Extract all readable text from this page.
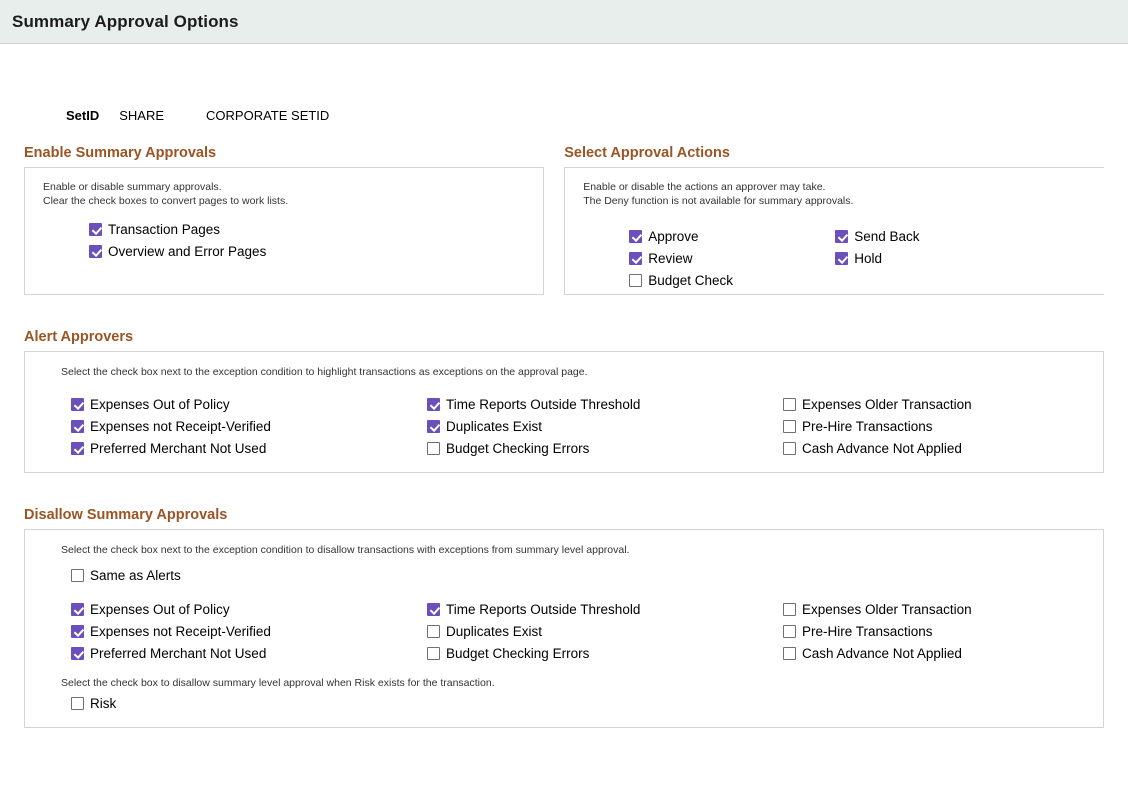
Summary Approval Options
SetID SHARE	CORPORATE SETID
Enable Summary Approvals

Enable or disable summary approvals.

Clear the check boxes to convert pages to work lists.

Transaction Pages
Overview and Error Pages
Select Approval Actions

Enable or disable the actions an approver may take.

The Deny function is not available for summary approvals.

Approve
Review
Budget Check
Send Back
Hold
Alert Approvers

Select the check box next to the exception condition to highlight transactions as exceptions on the approval page.

Expenses Out of Policy
Expenses not Receipt-Verified
Preferred Merchant Not Used
Time Reports Outside Threshold
Duplicates Exist
Budget Checking Errors
Expenses Older Transaction
Pre-Hire Transactions
Cash Advance Not Applied
Disallow Summary Approvals

Select the check box next to the exception condition to disallow transactions with exceptions from summary level approval.

Same as Alerts
Expenses Out of Policy
Expenses not Receipt-Verified
Preferred Merchant Not Used
Time Reports Outside Threshold
Duplicates Exist
Budget Checking Errors
Expenses Older Transaction
Pre-Hire Transactions
Cash Advance Not Applied

Select the check box to disallow summary level approval when Risk exists for the transaction.

Risk
